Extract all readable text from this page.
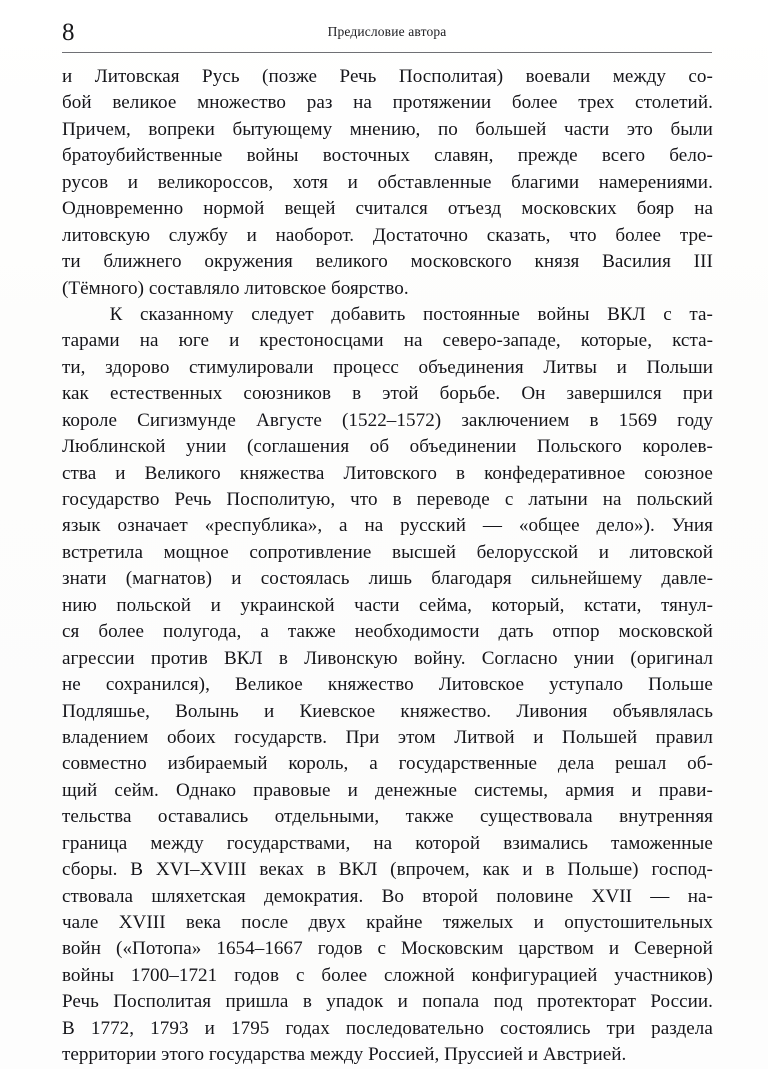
8	Предисловие автора

и Литовская Русь (позже Речь Посполитая) воевали между со-
бой великое множество раз на протяжении более трех столетий.
Причем, вопреки бытующему мнению, по большей части это были
братоубийственные войны восточных славян, прежде всего бело-
русов и великороссов, хотя и обставленные благими намерениями.
Одновременно нормой вещей считался отъезд московских бояр на
литовскую службу и наоборот. Достаточно сказать, что более тре-
ти ближнего окружения великого московского князя Василия III
(Тёмного) составляло литовское боярство.

К сказанному следует добавить постоянные войны ВКЛ с та-
тарами на юге и крестоносцами на северо-западе, которые, кста-
ти, здорово стимулировали процесс объединения Литвы и Польши
как естественных союзников в этой борьбе. Он завершился при
короле Сигизмунде Августе (1522–1572) заключением в 1569 году
Люблинской унии (соглашения об объединении Польского королев-
ства и Великого княжества Литовского в конфедеративное союзное
государство Речь Посполитую, что в переводе с латыни на польский
язык означает «республика», а на русский — «общее дело»). Уния
встретила мощное сопротивление высшей белорусской и литовской
знати (магнатов) и состоялась лишь благодаря сильнейшему давле-
нию польской и украинской части сейма, который, кстати, тянул-
ся более полугода, а также необходимости дать отпор московской
агрессии против ВКЛ в Ливонскую войну. Согласно унии (оригинал
не сохранился), Великое княжество Литовское уступало Польше
Подляшье, Волынь и Киевское княжество. Ливония объявлялась
владением обоих государств. При этом Литвой и Польшей правил
совместно избираемый король, а государственные дела решал об-
щий сейм. Однако правовые и денежные системы, армия и прави-
тельства оставались отдельными, также существовала внутренняя
граница между государствами, на которой взимались таможенные
сборы. В XVI–XVIII веках в ВКЛ (впрочем, как и в Польше) господ-
ствовала шляхетская демократия. Во второй половине XVII — на-
чале XVIII века после двух крайне тяжелых и опустошительных
войн («Потопа» 1654–1667 годов с Московским царством и Северной
войны 1700–1721 годов с более сложной конфигурацией участников)
Речь Посполитая пришла в упадок и попала под протекторат России.
В 1772, 1793 и 1795 годах последовательно состоялись три раздела
территории этого государства между Россией, Пруссией и Австрией.
